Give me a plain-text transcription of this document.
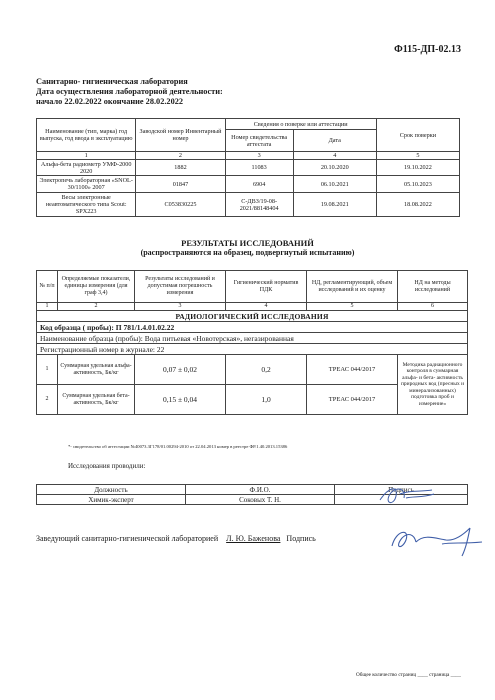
Ф115-ДП-02.13
Санитарно- гигиеническая лаборатория
Дата осуществления лабораторной деятельности:
начало 22.02.2022 окончание 28.02.2022
Наименование (тип, марка) год выпуска, год ввода в эксплуатацию	Заводской номер Инвентарный номер	Сведения о поверке или аттестации		Срок поверки
		Номер свидетельства аттестата	Дата	
1	2	3	4	5
Альфа-бета радиометр УМФ-2000 2020	1882	11083	20.10.2020	19.10.2022
Электропечь лабораторная «SNOL-30/1100» 2007	01847	6904	06.10.2021	05.10.2023
Весы электронные неавтоматического типа Scout: SPX223	С053830225	С-ДВЗ/19-08-2021/88148404	19.08.2021	18.08.2022
РЕЗУЛЬТАТЫ ИССЛЕДОВАНИЙ
(распространяются на образец, подвергнутый испытанию)
№ п/п	Определяемые показатели, единицы измерения (для граф 3,4)	Результаты исследований и допустимая погрешность измерения	Гигиенический норматив ПДК	НД, регламентирующий, объем исследований и их оценку	НД на методы исследований
1	2	3	4	5	6
РАДИОЛОГИЧЕСКИЙ ИССЛЕДОВАНИЯ					
Код образца ( пробы): П 781/1.4.01.02.22					
Наименование образца (пробы): Вода питьевая «Новотерская», негазированная					
Регистрационный номер в журнале: 22					
1	Суммарная удельная альфа-активность, Бк/кг	0,07 ± 0,02	0,2	ТРЕАС 044/2017	Методика радиационного контроля в суммарная альфа- и бета- активность природных вод (пресных и минерализованных) подготовка проб и измерение»
2	Суммарная удельная бета-активность, Бк/кг	0,15 ± 0,04	1,0	ТРЕАС 044/2017	
*- свидетельство об аттестации №40073.3Г178/01.00294-2010 от 22.04.2013 номер в реестре ФР.1.40.2013.15386
Исследования проводили:
Должность	Ф.И.О.	Подпись
Химик-эксперт	Соковых Т. Н.	
Заведующий санитарно-гигиенической лабораторией Л. Ю. Баженова Подпись
Общее количество страниц ____ страница ____
